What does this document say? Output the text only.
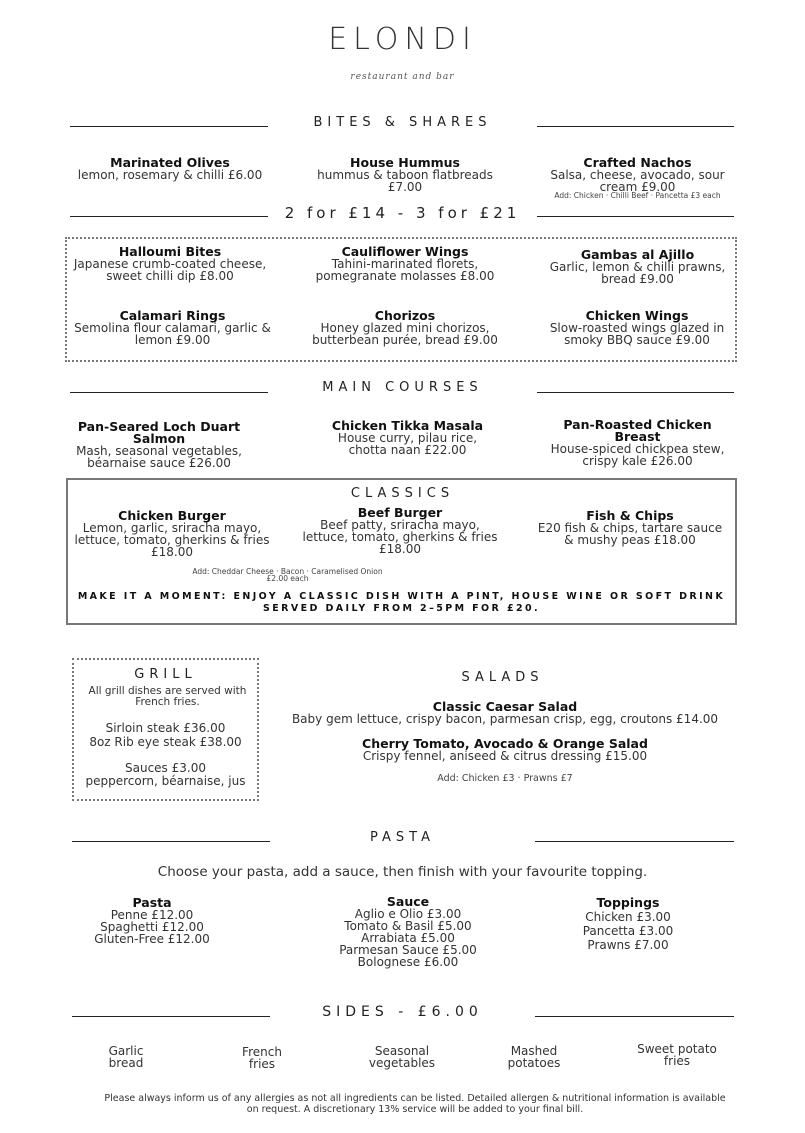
ELONDI
restaurant and bar
BITES & SHARES
Marinated Olives
lemon, rosemary & chilli £6.00
House Hummus
hummus & taboon flatbreads £7.00
Crafted Nachos
Salsa, cheese, avocado, sour cream £9.00
Add: Chicken · Chilli Beef · Pancetta £3 each
2 for £14 - 3 for £21
Halloumi Bites
Japanese crumb-coated cheese, sweet chilli dip £8.00
Cauliflower Wings
Tahini-marinated florets, pomegranate molasses £8.00
Gambas al Ajillo
Garlic, lemon & chilli prawns, bread £9.00
Calamari Rings
Semolina flour calamari, garlic & lemon £9.00
Chorizos
Honey glazed mini chorizos, butterbean purée, bread £9.00
Chicken Wings
Slow-roasted wings glazed in smoky BBQ sauce £9.00
MAIN COURSES
Pan-Seared Loch Duart Salmon
Mash, seasonal vegetables, béarnaise sauce £26.00
Chicken Tikka Masala
House curry, pilau rice, chotta naan £22.00
Pan-Roasted Chicken Breast
House-spiced chickpea stew, crispy kale £26.00
CLASSICS
Chicken Burger
Lemon, garlic, sriracha mayo, lettuce, tomato, gherkins & fries £18.00
Beef Burger
Beef patty, sriracha mayo, lettuce, tomato, gherkins & fries £18.00
Fish & Chips
E20 fish & chips, tartare sauce & mushy peas £18.00
Add: Cheddar Cheese · Bacon · Caramelised Onion
£2.00 each
MAKE IT A MOMENT: ENJOY A CLASSIC DISH WITH A PINT, HOUSE WINE OR SOFT DRINK
SERVED DAILY FROM 2–5PM FOR £20.
GRILL
All grill dishes are served with French fries.
Sirloin steak £36.00
8oz Rib eye steak £38.00
Sauces £3.00
peppercorn, béarnaise, jus
SALADS
Classic Caesar Salad
Baby gem lettuce, crispy bacon, parmesan crisp, egg, croutons £14.00
Cherry Tomato, Avocado & Orange Salad
Crispy fennel, aniseed & citrus dressing £15.00
Add: Chicken £3 · Prawns £7
PASTA
Choose your pasta, add a sauce, then finish with your favourite topping.
Pasta
Penne £12.00
Spaghetti £12.00
Gluten-Free £12.00
Sauce
Aglio e Olio £3.00
Tomato & Basil £5.00
Arrabiata £5.00
Parmesan Sauce £5.00
Bolognese £6.00
Toppings
Chicken £3.00
Pancetta £3.00
Prawns £7.00
SIDES - £6.00
Garlic
bread
French
fries
Seasonal
vegetables
Mashed
potatoes
Sweet potato
fries
Please always inform us of any allergies as not all ingredients can be listed. Detailed allergen & nutritional information is available
on request. A discretionary 13% service will be added to your final bill.
